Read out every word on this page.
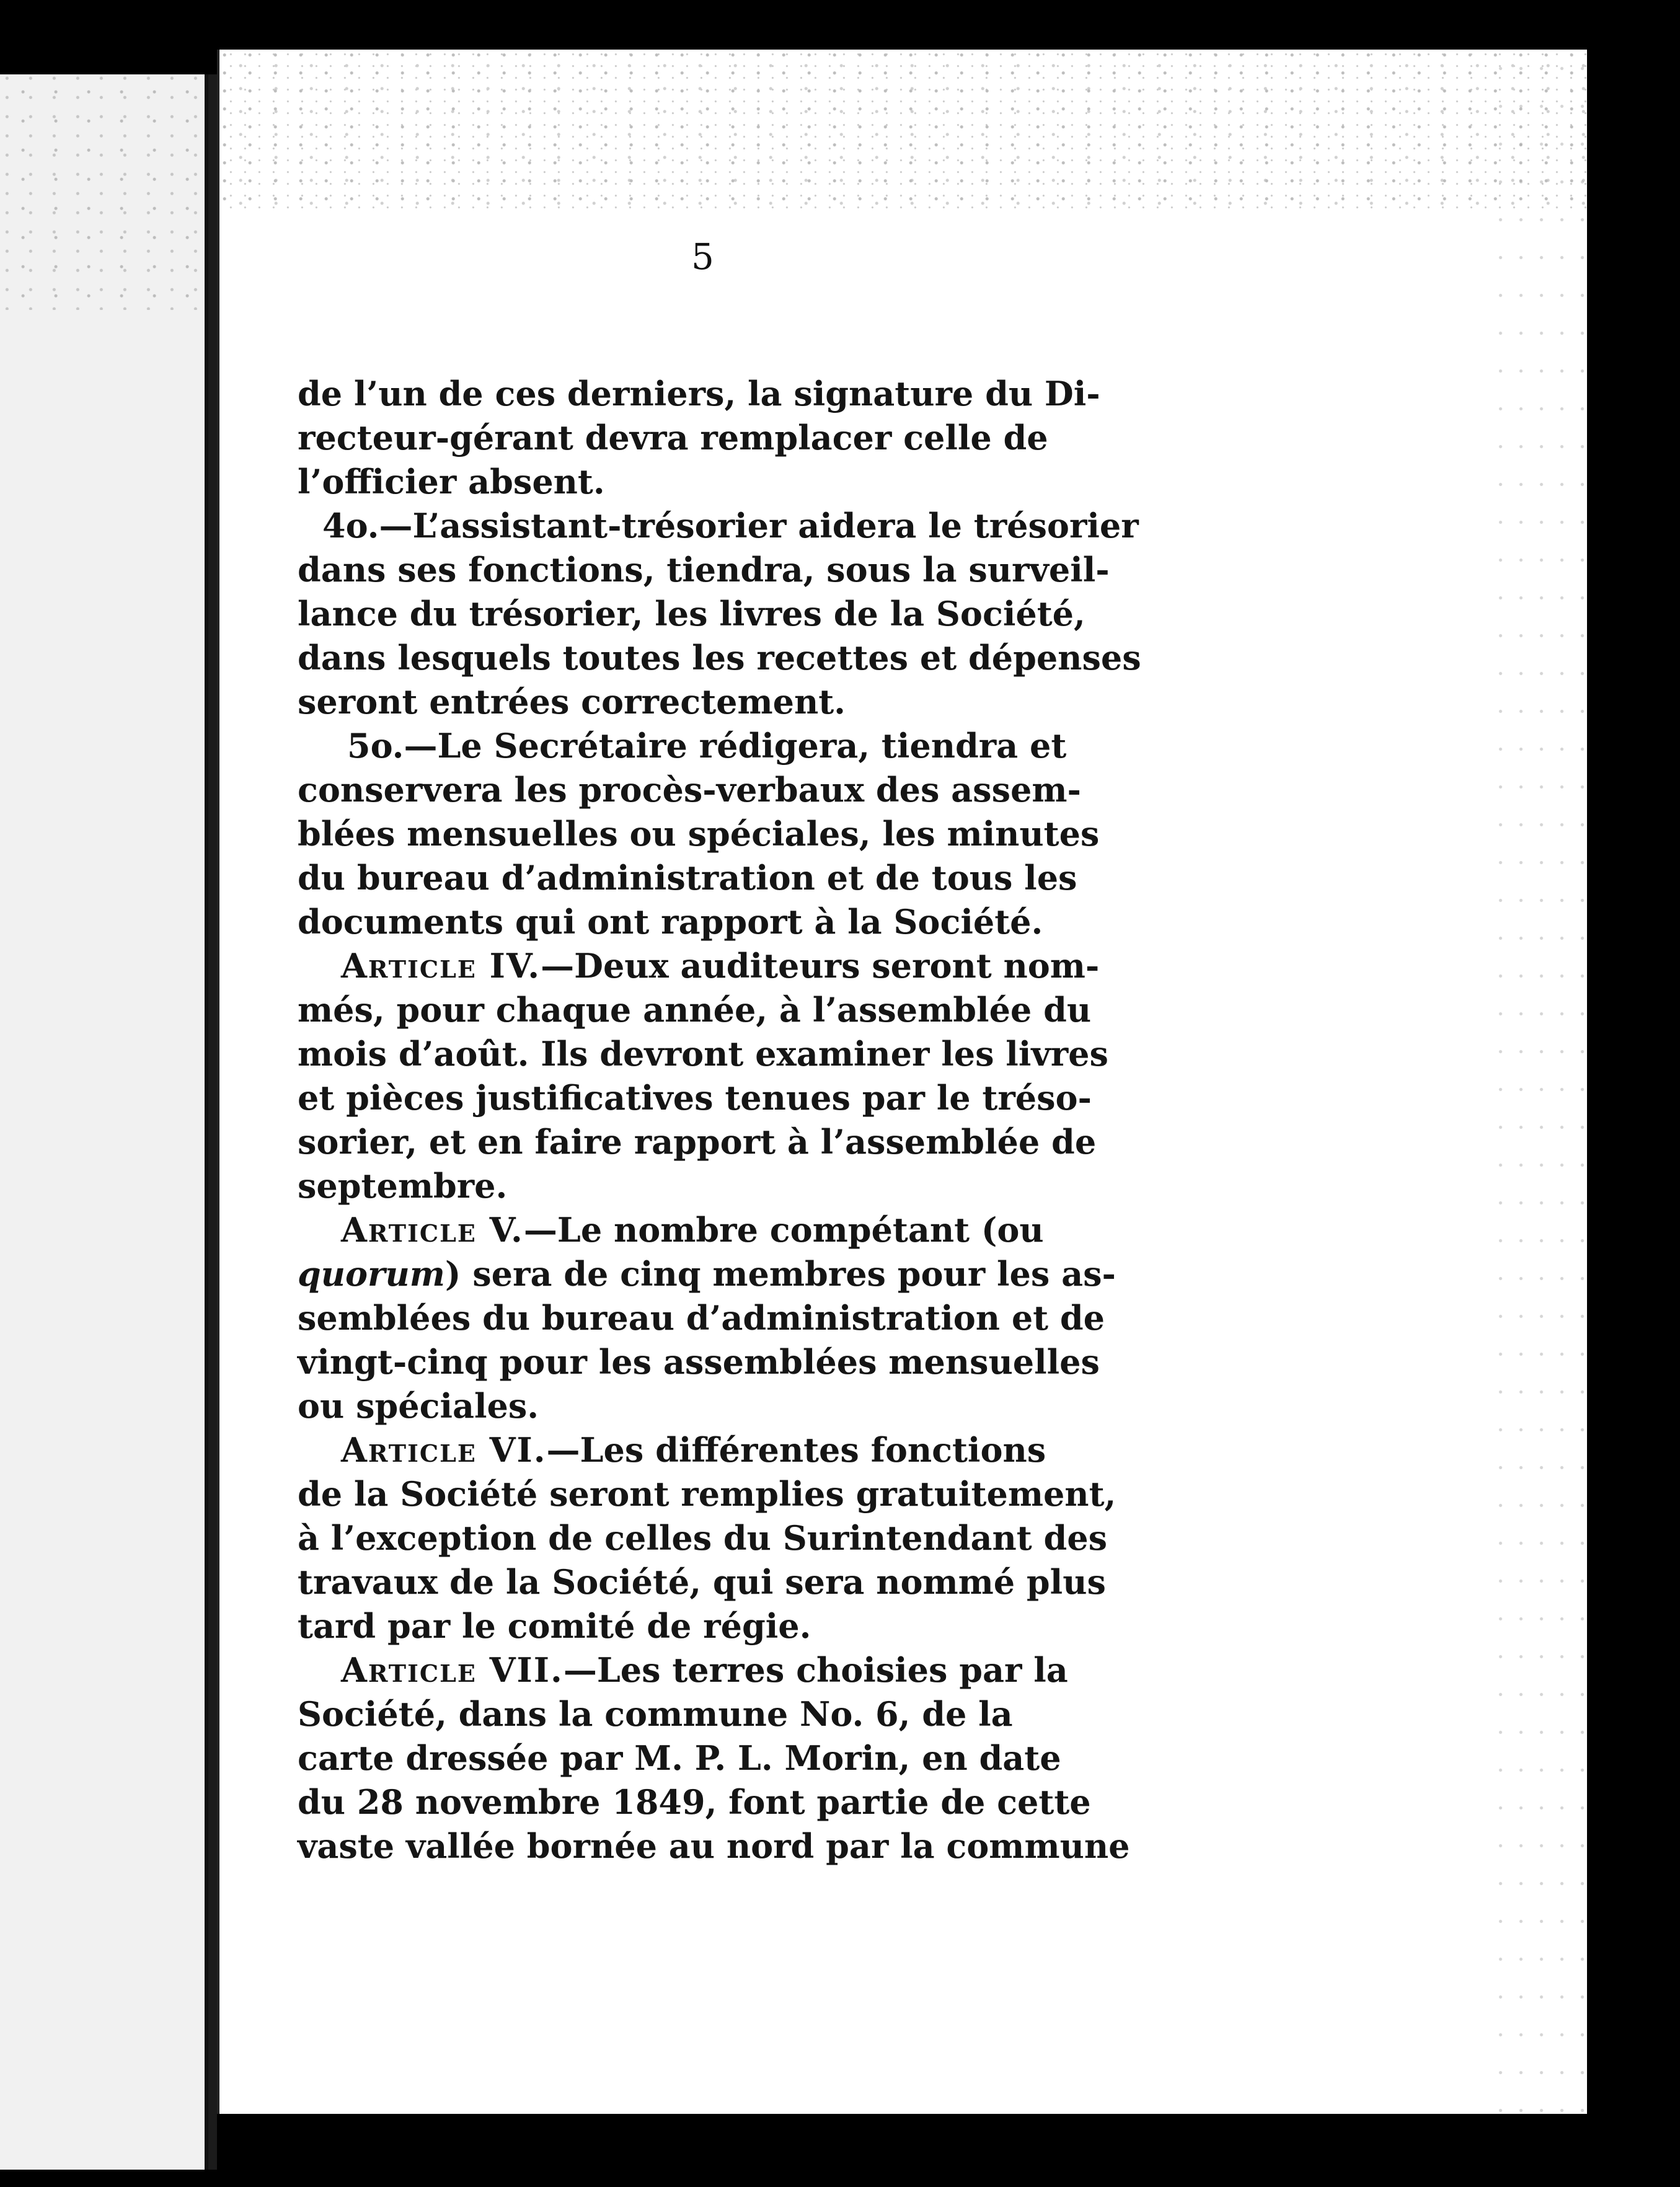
5
de l’un de ces derniers, la signature du Di-
recteur-gérant devra remplacer celle de
l’officier absent.
4o.—L’assistant-trésorier aidera le trésorier
dans ses fonctions, tiendra, sous la surveil-
lance du trésorier, les livres de la Société,
dans lesquels toutes les recettes et dépenses
seront entrées correctement.
5o.—Le Secrétaire rédigera, tiendra et
conservera les procès-verbaux des assem-
blées mensuelles ou spéciales, les minutes
du bureau d’administration et de tous les
documents qui ont rapport à la Société.
Article IV.—Deux auditeurs seront nom-
més, pour chaque année, à l’assemblée du
mois d’août. Ils devront examiner les livres
et pièces justificatives tenues par le tréso-
sorier, et en faire rapport à l’assemblée de
septembre.
Article V.—Le nombre compétant (ou
quorum) sera de cinq membres pour les as-
semblées du bureau d’administration et de
vingt-cinq pour les assemblées mensuelles
ou spéciales.
Article VI.—Les différentes fonctions
de la Société seront remplies gratuitement,
à l’exception de celles du Surintendant des
travaux de la Société, qui sera nommé plus
tard par le comité de régie.
Article VII.—Les terres choisies par la
Société, dans la commune No. 6, de la
carte dressée par M. P. L. Morin, en date
du 28 novembre 1849, font partie de cette
vaste vallée bornée au nord par la commune
